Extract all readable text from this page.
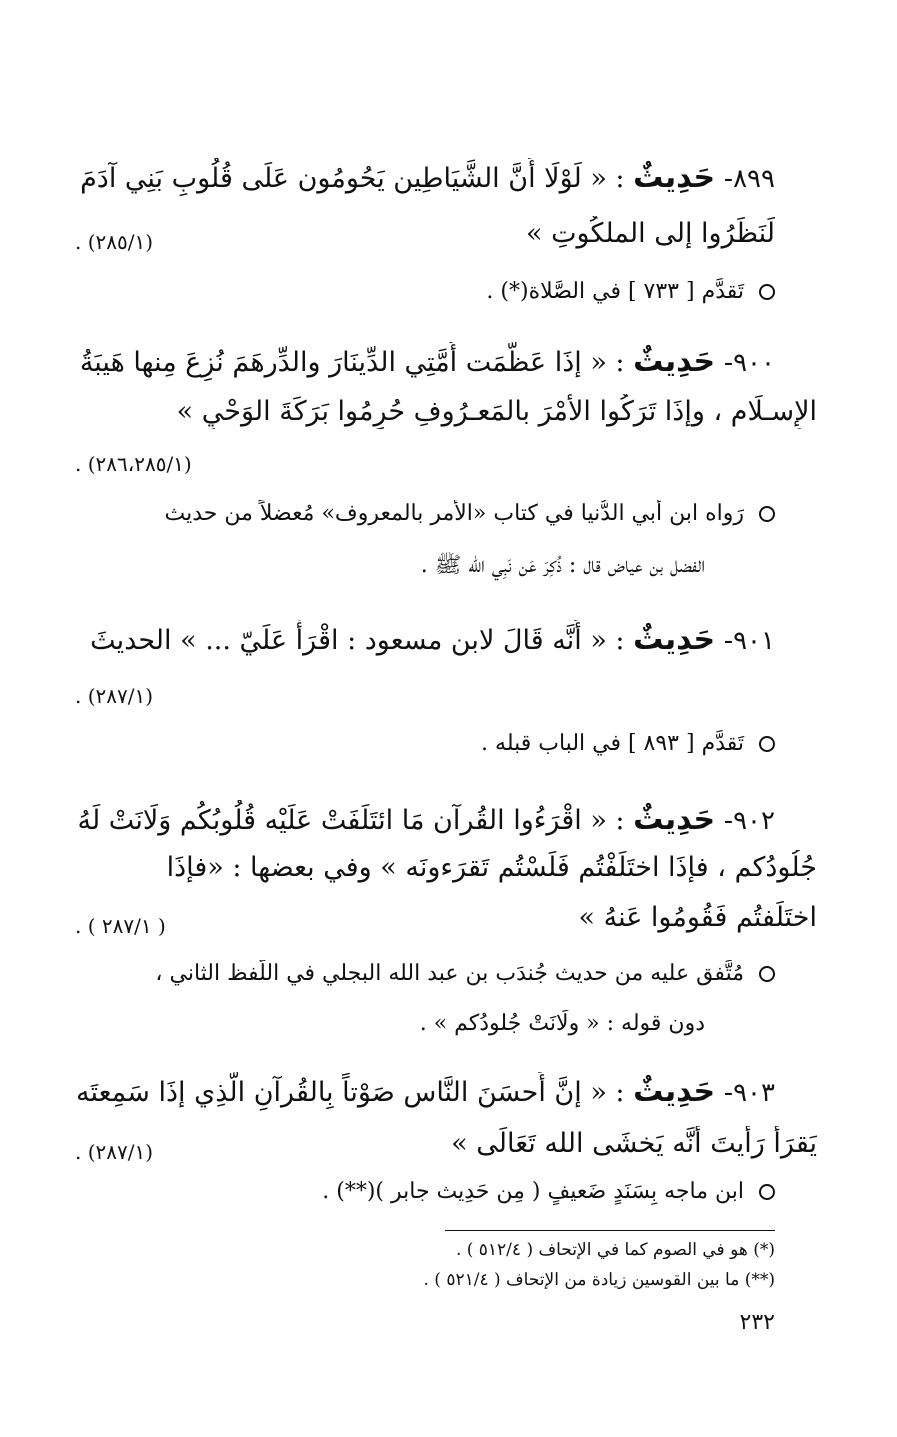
٨٩٩- حَدِيثٌ : « لَوْلَا أَنَّ الشَّيَاطِين يَحُومُون عَلَى قُلُوبِ بَنِي آدَمَ
لَنَظَرُوا إلى الملكُوتِ »
(٢٨٥/١) .
تَقدَّم [ ٧٣٣ ] في الصَّلاة(*) .
٩٠٠- حَدِيثٌ : « إذَا عَظَّمَت أُمَّتِي الدِّينَارَ والدِّرهَمَ نُزِعَ مِنها هَيبَةُ
الإِسـلَام ، وإذَا تَرَكُوا الأمْرَ بالمَعـرُوفِ حُرِمُوا بَرَكَةَ الوَحْيِ »
(٢٨٦،٢٨٥/١) .
رَواه ابن أبي الدُّنيا في كتاب «الأمر بالمعروف» مُعضلاً من حديث
الفضل بن عياض قال : ذُكِرَ عَن نَبِي الله ﷺ .
٩٠١- حَدِيثٌ : « أَنَّه قَالَ لابن مسعود : اقْرَأْ عَلَيّ ... » الحديثَ
(٢٨٧/١) .
تَقدَّم [ ٨٩٣ ] في الباب قبله .
٩٠٢- حَدِيثٌ : « اقْرَءُوا القُرآن مَا ائتَلَفَتْ عَلَيْه قُلُوبُكُم وَلَانَتْ لَهُ
جُلُودُكم ، فإذَا اختَلَفْتُم فَلَسْتُم تَقرَءونَه » وفي بعضها : «فإذَا
اختَلَفتُم فَقُومُوا عَنهُ »
( ٢٨٧/١ ) .
مُتَّفق عليه من حديث جُندَب بن عبد الله البجلي في اللَّفظ الثاني ،
دون قوله : « ولَانَتْ جُلودُكم » .
٩٠٣- حَدِيثٌ : « إنَّ أَحسَنَ النَّاس صَوْتاً بِالقُرآنِ الَّذِي إذَا سَمِعتَه
يَقرَأ رَأَيتَ أَنَّه يَخشَى الله تَعَالَى »
(٢٨٧/١) .
ابن ماجه بِسَنَدٍ ضَعيفٍ ( مِن حَدِيث جابر )(**) .
(*) هو في الصوم كما في الإتحاف ( ٥١٢/٤ ) .
(**) ما بين القوسين زيادة من الإتحاف ( ٥٢١/٤ ) .
٢٣٢
